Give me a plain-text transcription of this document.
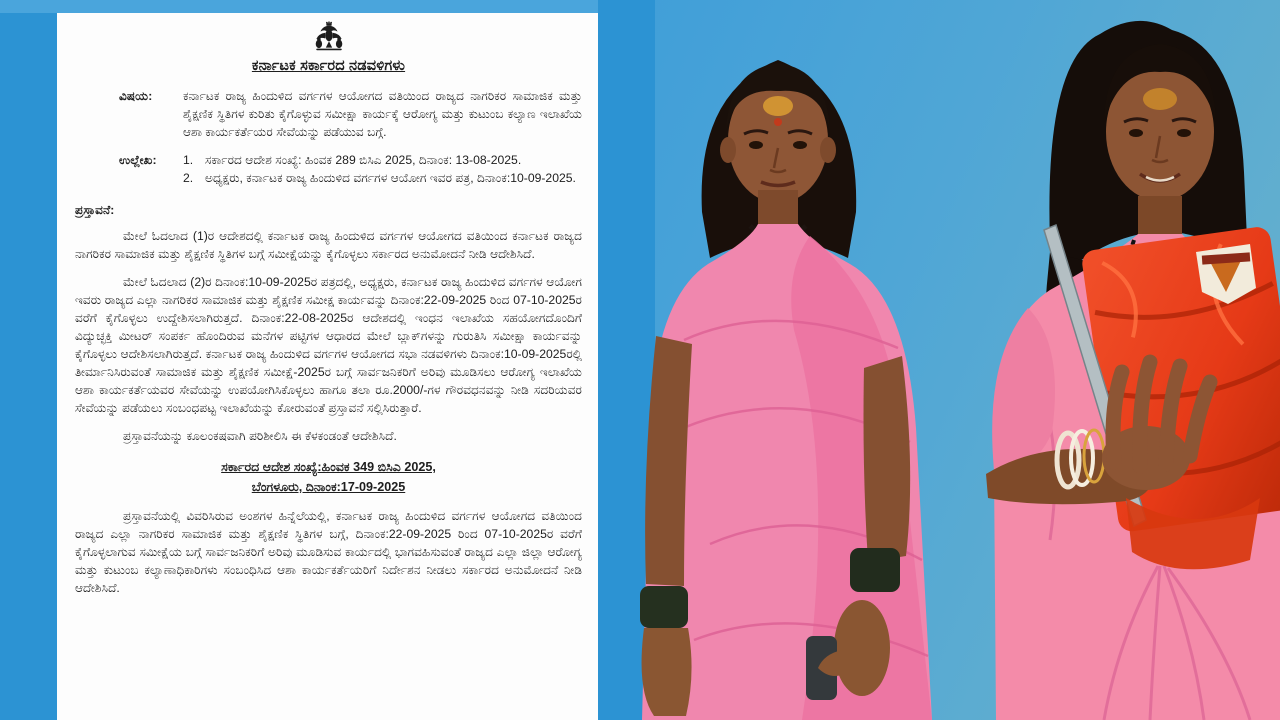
ಕರ್ನಾಟಕ ಸರ್ಕಾರದ ನಡವಳಿಗಳು
ವಿಷಯ:	ಕರ್ನಾಟಕ ರಾಜ್ಯ ಹಿಂದುಳಿದ ವರ್ಗಗಳ ಆಯೋಗದ ವತಿಯಿಂದ ರಾಜ್ಯದ ನಾಗರಿಕರ ಸಾಮಾಜಿಕ ಮತ್ತು ಶೈಕ್ಷಣಿಕ ಸ್ಥಿತಿಗಳ ಕುರಿತು ಕೈಗೊಳ್ಳುವ ಸಮೀಕ್ಷಾ ಕಾರ್ಯಕ್ಕೆ ಆರೋಗ್ಯ ಮತ್ತು ಕುಟುಂಬ ಕಲ್ಯಾಣ ಇಲಾಖೆಯ ಆಶಾ ಕಾರ್ಯಕರ್ತೆಯರ ಸೇವೆಯನ್ನು ಪಡೆಯುವ ಬಗ್ಗೆ.
ಉಲ್ಲೇಖ:	1. ಸರ್ಕಾರದ ಆದೇಶ ಸಂಖ್ಯೆ: ಹಿಂವಕ 289 ಬಿಸಿಎ 2025, ದಿನಾಂಕ: 13-08-2025.
2. ಅಧ್ಯಕ್ಷರು, ಕರ್ನಾಟಕ ರಾಜ್ಯ ಹಿಂದುಳಿದ ವರ್ಗಗಳ ಆಯೋಗ ಇವರ ಪತ್ರ, ದಿನಾಂಕ:10-09-2025.
ಪ್ರಸ್ತಾವನೆ:

ಮೇಲೆ ಓದಲಾದ (1)ರ ಆದೇಶದಲ್ಲಿ ಕರ್ನಾಟಕ ರಾಜ್ಯ ಹಿಂದುಳಿದ ವರ್ಗಗಳ ಆಯೋಗದ ವತಿಯಿಂದ ಕರ್ನಾಟಕ ರಾಜ್ಯದ ನಾಗರಿಕರ ಸಾಮಾಜಿಕ ಮತ್ತು ಶೈಕ್ಷಣಿಕ ಸ್ಥಿತಿಗಳ ಬಗ್ಗೆ ಸಮೀಕ್ಷೆಯನ್ನು ಕೈಗೊಳ್ಳಲು ಸರ್ಕಾರದ ಅನುಮೋದನೆ ನೀಡಿ ಆದೇಶಿಸಿದೆ.

ಮೇಲೆ ಓದಲಾದ (2)ರ ದಿನಾಂಕ:10-09-2025ರ ಪತ್ರದಲ್ಲಿ, ಅಧ್ಯಕ್ಷರು, ಕರ್ನಾಟಕ ರಾಜ್ಯ ಹಿಂದುಳಿದ ವರ್ಗಗಳ ಆಯೋಗ ಇವರು ರಾಜ್ಯದ ಎಲ್ಲಾ ನಾಗರಿಕರ ಸಾಮಾಜಿಕ ಮತ್ತು ಶೈಕ್ಷಣಿಕ ಸಮೀಕ್ಷ ಕಾರ್ಯವನ್ನು ದಿನಾಂಕ:22-09-2025 ರಿಂದ 07-10-2025ರ ವರೆಗೆ ಕೈಗೊಳ್ಳಲು ಉದ್ದೇಶಿಸಲಾಗಿರುತ್ತದೆ. ದಿನಾಂಕ:22-08-2025ರ ಆದೇಶದಲ್ಲಿ ಇಂಧನ ಇಲಾಖೆಯ ಸಹಯೋಗದೊಂದಿಗೆ ವಿದ್ಯುಚ್ಛಕ್ತಿ ಮೀಟರ್ ಸಂಪರ್ಕ ಹೊಂದಿರುವ ಮನೆಗಳ ಪಟ್ಟಿಗಳ ಆಧಾರದ ಮೇಲೆ ಬ್ಲಾಕ್‌ಗಳನ್ನು ಗುರುತಿಸಿ ಸಮೀಕ್ಷಾ ಕಾರ್ಯವನ್ನು ಕೈಗೊಳ್ಳಲು ಆದೇಶಿಸಲಾಗಿರುತ್ತದೆ. ಕರ್ನಾಟಕ ರಾಜ್ಯ ಹಿಂದುಳಿದ ವರ್ಗಗಳ ಆಯೋಗದ ಸಭಾ ನಡವಳಿಗಳು ದಿನಾಂಕ:10-09-2025ರಲ್ಲಿ ತೀರ್ಮಾನಿಸಿರುವಂತೆ ಸಾಮಾಜಿಕ ಮತ್ತು ಶೈಕ್ಷಣಿಕ ಸಮೀಕ್ಷೆ-2025ರ ಬಗ್ಗೆ ಸಾರ್ವಜನಿಕರಿಗೆ ಅರಿವು ಮೂಡಿಸಲು ಆರೋಗ್ಯ ಇಲಾಖೆಯ ಆಶಾ ಕಾರ್ಯಕರ್ತೆಯವರ ಸೇವೆಯನ್ನು ಉಪಯೋಗಿಸಿಕೊಳ್ಳಲು ಹಾಗೂ ತಲಾ ರೂ.2000/-ಗಳ ಗೌರವಧನವನ್ನು ನೀಡಿ ಸದರಿಯವರ ಸೇವೆಯನ್ನು ಪಡೆಯಲು ಸಂಬಂಧಪಟ್ಟ ಇಲಾಖೆಯನ್ನು ಕೋರುವಂತೆ ಪ್ರಸ್ತಾವನೆ ಸಲ್ಲಿಸಿರುತ್ತಾರೆ.

ಪ್ರಸ್ತಾವನೆಯನ್ನು ಕೂಲಂಕಷವಾಗಿ ಪರಿಶೀಲಿಸಿ ಈ ಕೆಳಕಂಡಂತೆ ಆದೇಶಿಸಿದೆ.

ಸರ್ಕಾರದ ಆದೇಶ ಸಂಖ್ಯೆ:ಹಿಂವಕ 349 ಬಿಸಿಎ 2025,
ಬೆಂಗಳೂರು, ದಿನಾಂಕ:17-09-2025

ಪ್ರಸ್ತಾವನೆಯಲ್ಲಿ ವಿವರಿಸಿರುವ ಅಂಶಗಳ ಹಿನ್ನೆಲೆಯಲ್ಲಿ, ಕರ್ನಾಟಕ ರಾಜ್ಯ ಹಿಂದುಳಿದ ವರ್ಗಗಳ ಆಯೋಗದ ವತಿಯಿಂದ ರಾಜ್ಯದ ಎಲ್ಲಾ ನಾಗರಿಕರ ಸಾಮಾಜಿಕ ಮತ್ತು ಶೈಕ್ಷಣಿಕ ಸ್ಥಿತಿಗಳ ಬಗ್ಗೆ, ದಿನಾಂಕ:22-09-2025 ರಿಂದ 07-10-2025ರ ವರೆಗೆ ಕೈಗೊಳ್ಳಲಾಗುವ ಸಮೀಕ್ಷೆಯ ಬಗ್ಗೆ ಸಾರ್ವಜನಿಕರಿಗೆ ಅರಿವು ಮೂಡಿಸುವ ಕಾರ್ಯದಲ್ಲಿ ಭಾಗವಹಿಸುವಂತೆ ರಾಜ್ಯದ ಎಲ್ಲಾ ಜಿಲ್ಲಾ ಆರೋಗ್ಯ ಮತ್ತು ಕುಟುಂಬ ಕಲ್ಯಾಣಾಧಿಕಾರಿಗಳು ಸಂಬಂಧಿಸಿದ ಆಶಾ ಕಾರ್ಯಕರ್ತೆಯರಿಗೆ ನಿರ್ದೇಶನ ನೀಡಲು ಸರ್ಕಾರದ ಅನುಮೋದನೆ ನೀಡಿ ಆದೇಶಿಸಿದೆ.
